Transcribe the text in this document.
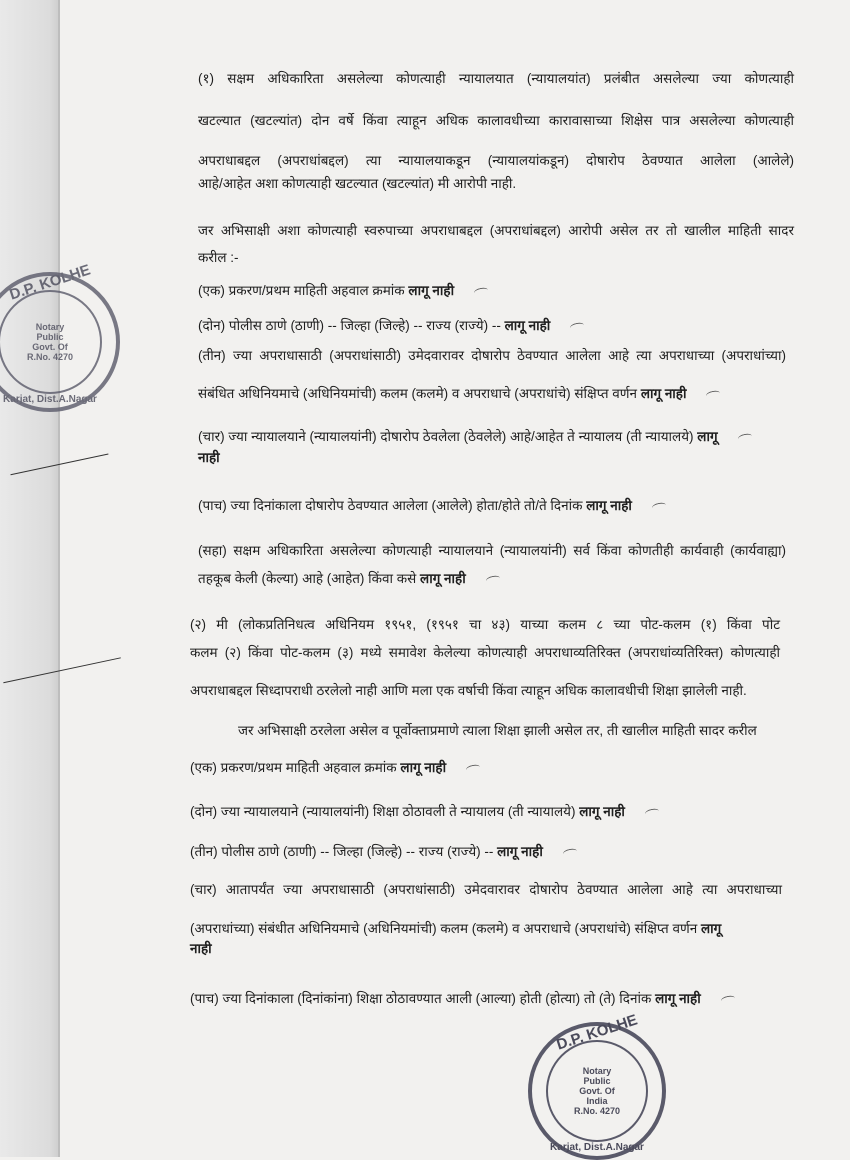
(१) सक्षम अधिकारिता असलेल्या कोणत्याही न्यायालयात (न्यायालयांत) प्रलंबीत असलेल्या ज्या कोणत्याही
खटल्यात (खटल्यांत) दोन वर्षे किंवा त्याहून अधिक कालावधीच्या कारावासाच्या शिक्षेस पात्र असलेल्या कोणत्याही
अपराधाबद्दल (अपराधांबद्दल) त्या न्यायालयाकडून (न्यायालयांकडून) दोषारोप ठेवण्यात आलेला (आलेले)
आहे/आहेत अशा कोणत्याही खटल्यात (खटल्यांत) मी आरोपी नाही.
जर अभिसाक्षी अशा कोणत्याही स्वरुपाच्या अपराधाबद्दल (अपराधांबद्दल) आरोपी असेल तर तो खालील माहिती सादर
करील :-
(एक) प्रकरण/प्रथम माहिती अहवाल क्रमांक लागू नाही
(दोन) पोलीस ठाणे (ठाणी) -- जिल्हा (जिल्हे) -- राज्य (राज्ये) -- लागू नाही
(तीन) ज्या अपराधासाठी (अपराधांसाठी) उमेदवारावर दोषारोप ठेवण्यात आलेला आहे त्या अपराधाच्या (अपराधांच्या)
संबंधित अधिनियमाचे (अधिनियमांची) कलम (कलमे) व अपराधाचे (अपराधांचे) संक्षिप्त वर्णन लागू नाही
(चार) ज्या न्यायालयाने (न्यायालयांनी) दोषारोप ठेवलेला (ठेवलेले) आहे/आहेत ते न्यायालय (ती न्यायालये) लागू
नाही
(पाच) ज्या दिनांकाला दोषारोप ठेवण्यात आलेला (आलेले) होता/होते तो/ते दिनांक लागू नाही
(सहा) सक्षम अधिकारिता असलेल्या कोणत्याही न्यायालयाने (न्यायालयांनी) सर्व किंवा कोणतीही कार्यवाही (कार्यवाह्या)
तहकूब केली (केल्या) आहे (आहेत) किंवा कसे लागू नाही
(२) मी (लोकप्रतिनिधत्व अधिनियम १९५१, (१९५१ चा ४३) याच्या कलम ८ च्या पोट-कलम (१) किंवा पोट
कलम (२) किंवा पोट-कलम (३) मध्ये समावेश केलेल्या कोणत्याही अपराधाव्यतिरिक्त (अपराधांव्यतिरिक्त) कोणत्याही
अपराधाबद्दल सिध्दापराधी ठरलेलो नाही आणि मला एक वर्षाची किंवा त्याहून अधिक कालावधीची शिक्षा झालेली नाही.
जर अभिसाक्षी ठरलेला असेल व पूर्वोक्ताप्रमाणे त्याला शिक्षा झाली असेल तर, ती खालील माहिती सादर करील
(एक) प्रकरण/प्रथम माहिती अहवाल क्रमांक लागू नाही
(दोन) ज्या न्यायालयाने (न्यायालयांनी) शिक्षा ठोठावली ते न्यायालय (ती न्यायालये) लागू नाही
(तीन) पोलीस ठाणे (ठाणी) -- जिल्हा (जिल्हे) -- राज्य (राज्ये) -- लागू नाही
(चार) आतापर्यंत ज्या अपराधासाठी (अपराधांसाठी) उमेदवारावर दोषारोप ठेवण्यात आलेला आहे त्या अपराधाच्या
(अपराधांच्या) संबंधीत अधिनियमाचे (अधिनियमांची) कलम (कलमे) व अपराधाचे (अपराधांचे) संक्षिप्त वर्णन लागू
नाही
(पाच) ज्या दिनांकाला (दिनांकांना) शिक्षा ठोठावण्यात आली (आल्या) होती (होत्या) तो (ते) दिनांक लागू नाही
D.P. KOLHE
Notary
Public
Govt. Of
R.No. 4270
Karjat, Dist.A.Nagar
D.P. KOLHE
Notary
Public
Govt. Of
India
R.No. 4270
Karjat, Dist.A.Nagar
